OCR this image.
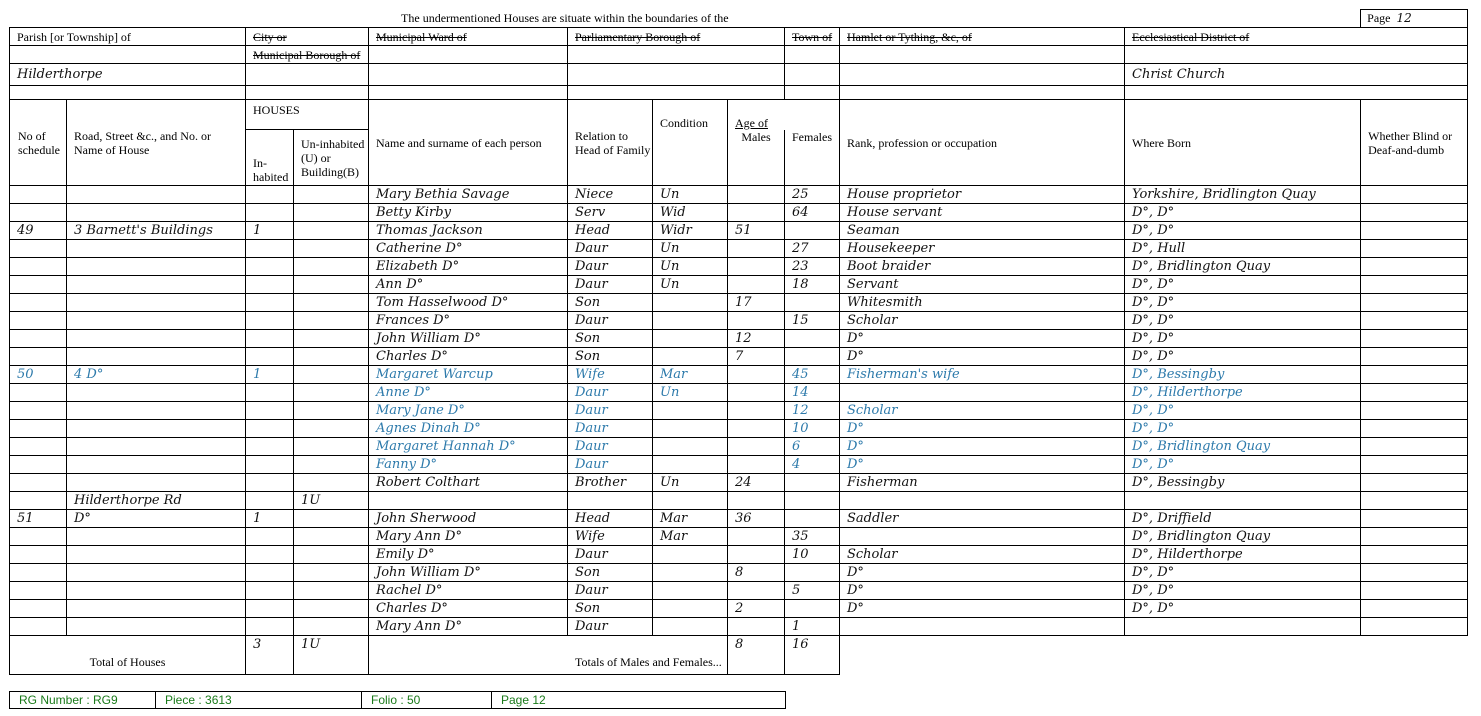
The undermentioned Houses are situate within the boundaries of the											Page 12
Parish [or Township] of		City or		Municipal Ward of	Parliamentary Borough of			Town of	Hamlet or Tything, &c, of	Ecclesiastical District of	
		Municipal Borough of									
Hilderthorpe										Christ Church	

No of schedule	Road, Street &c., and No. or Name of House	HOUSES		Name and surname of each person	Relation to Head of Family	Condition	Age of		Rank, profession or occupation	Where Born	Whether Blind or Deaf-and-dumb
		In-habited	Un-inhabited (U) or Building(B)				Males	Females			

				Mary Bethia Savage	Niece	Un		25	House proprietor	Yorkshire, Bridlington Quay	
				Betty Kirby	Serv	Wid		64	House servant	D°, D°	
49	3 Barnett's Buildings	1		Thomas Jackson	Head	Widr	51		Seaman	D°, D°	
				Catherine D°	Daur	Un		27	Housekeeper	D°, Hull	
				Elizabeth D°	Daur	Un		23	Boot braider	D°, Bridlington Quay	
				Ann D°	Daur	Un		18	Servant	D°, D°	
				Tom Hasselwood D°	Son		17		Whitesmith	D°, D°	
				Frances D°	Daur			15	Scholar	D°, D°	
				John William D°	Son		12		D°	D°, D°	
				Charles D°	Son		7		D°	D°, D°	
50	4 D°	1		Margaret Warcup	Wife	Mar		45	Fisherman's wife	D°, Bessingby	
				Anne D°	Daur	Un		14		D°, Hilderthorpe	
				Mary Jane D°	Daur			12	Scholar	D°, D°	
				Agnes Dinah D°	Daur			10	D°	D°, D°	
				Margaret Hannah D°	Daur			6	D°	D°, Bridlington Quay	
				Fanny D°	Daur			4	D°	D°, D°	
				Robert Colthart	Brother	Un	24		Fisherman	D°, Bessingby	
	Hilderthorpe Rd		1U								
51	D°	1		John Sherwood	Head	Mar	36		Saddler	D°, Driffield	
				Mary Ann D°	Wife	Mar		35		D°, Bridlington Quay	
				Emily D°	Daur			10	Scholar	D°, Hilderthorpe	
				John William D°	Son		8		D°	D°, D°	
				Rachel D°	Daur			5	D°	D°, D°	
				Charles D°	Son		2		D°	D°, D°	
				Mary Ann D°	Daur			1			
Total of Houses		3	1U	Totals of Males and Females...			8	16			
RG Number : RG9	Piece : 3613	Folio : 50	Page 12
